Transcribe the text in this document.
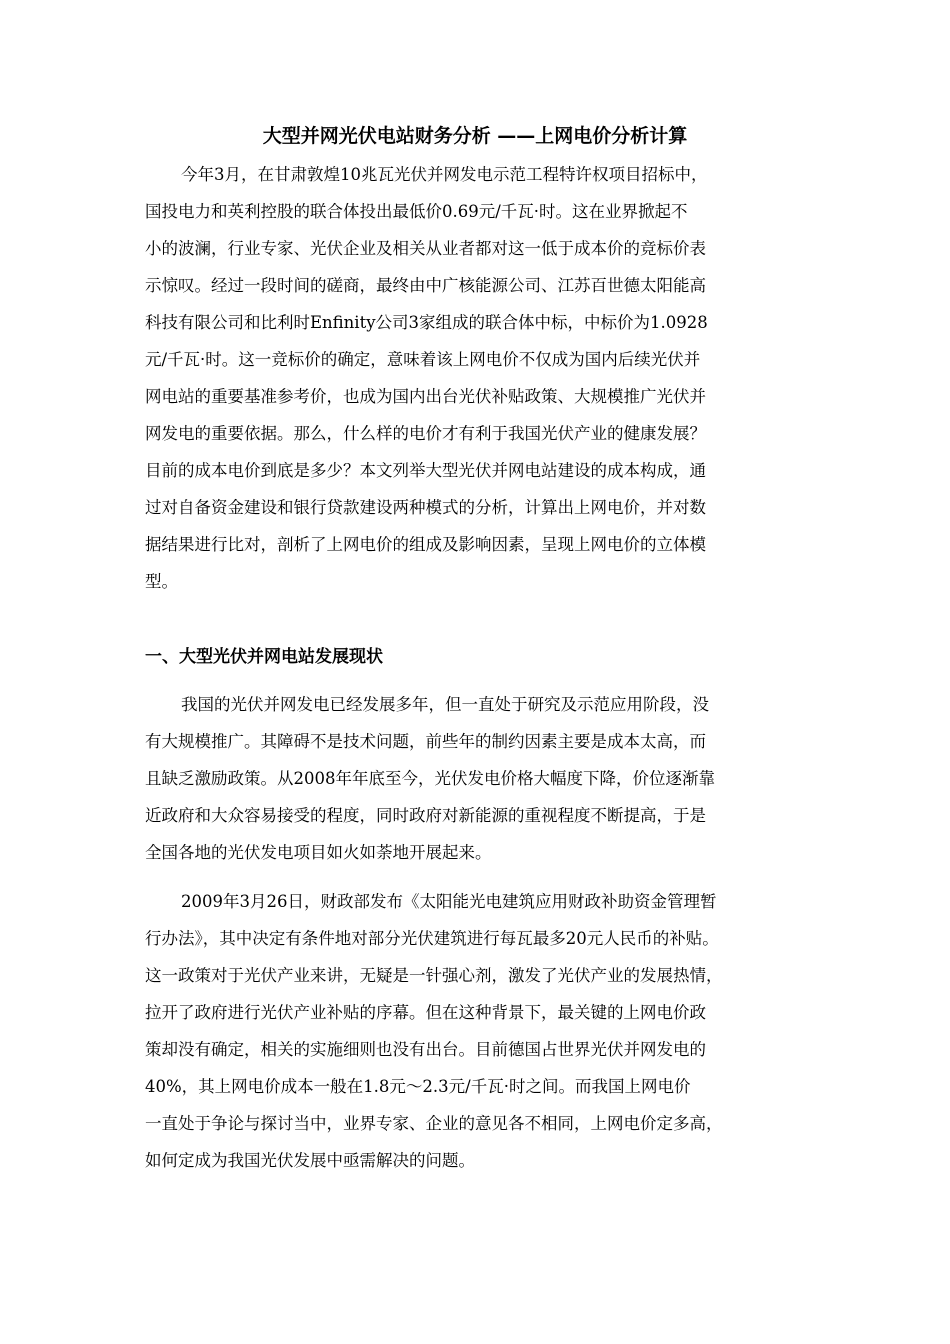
大型并网光伏电站财务分析 ——上网电价分析计算
今年3月，在甘肃敦煌10兆瓦光伏并网发电示范工程特许权项目招标中，
国投电力和英利控股的联合体投出最低价0.69元/千瓦·时。这在业界掀起不
小的波澜，行业专家、光伏企业及相关从业者都对这一低于成本价的竞标价表
示惊叹。经过一段时间的磋商，最终由中广核能源公司、江苏百世德太阳能高
科技有限公司和比利时Enfinity公司3家组成的联合体中标，中标价为1.0928
元/千瓦·时。这一竞标价的确定，意味着该上网电价不仅成为国内后续光伏并
网电站的重要基准参考价，也成为国内出台光伏补贴政策、大规模推广光伏并
网发电的重要依据。那么，什么样的电价才有利于我国光伏产业的健康发展？
目前的成本电价到底是多少？本文列举大型光伏并网电站建设的成本构成，通
过对自备资金建设和银行贷款建设两种模式的分析，计算出上网电价，并对数
据结果进行比对，剖析了上网电价的组成及影响因素，呈现上网电价的立体模
型。
一、大型光伏并网电站发展现状
我国的光伏并网发电已经发展多年，但一直处于研究及示范应用阶段，没
有大规模推广。其障碍不是技术问题，前些年的制约因素主要是成本太高，而
且缺乏激励政策。从2008年年底至今，光伏发电价格大幅度下降，价位逐渐靠
近政府和大众容易接受的程度，同时政府对新能源的重视程度不断提高，于是
全国各地的光伏发电项目如火如荼地开展起来。
2009年3月26日，财政部发布《太阳能光电建筑应用财政补助资金管理暂
行办法》，其中决定有条件地对部分光伏建筑进行每瓦最多20元人民币的补贴。
这一政策对于光伏产业来讲，无疑是一针强心剂，激发了光伏产业的发展热情，
拉开了政府进行光伏产业补贴的序幕。但在这种背景下，最关键的上网电价政
策却没有确定，相关的实施细则也没有出台。目前德国占世界光伏并网发电的
40%，其上网电价成本一般在1.8元～2.3元/千瓦·时之间。而我国上网电价
一直处于争论与探讨当中，业界专家、企业的意见各不相同，上网电价定多高，
如何定成为我国光伏发展中亟需解决的问题。
